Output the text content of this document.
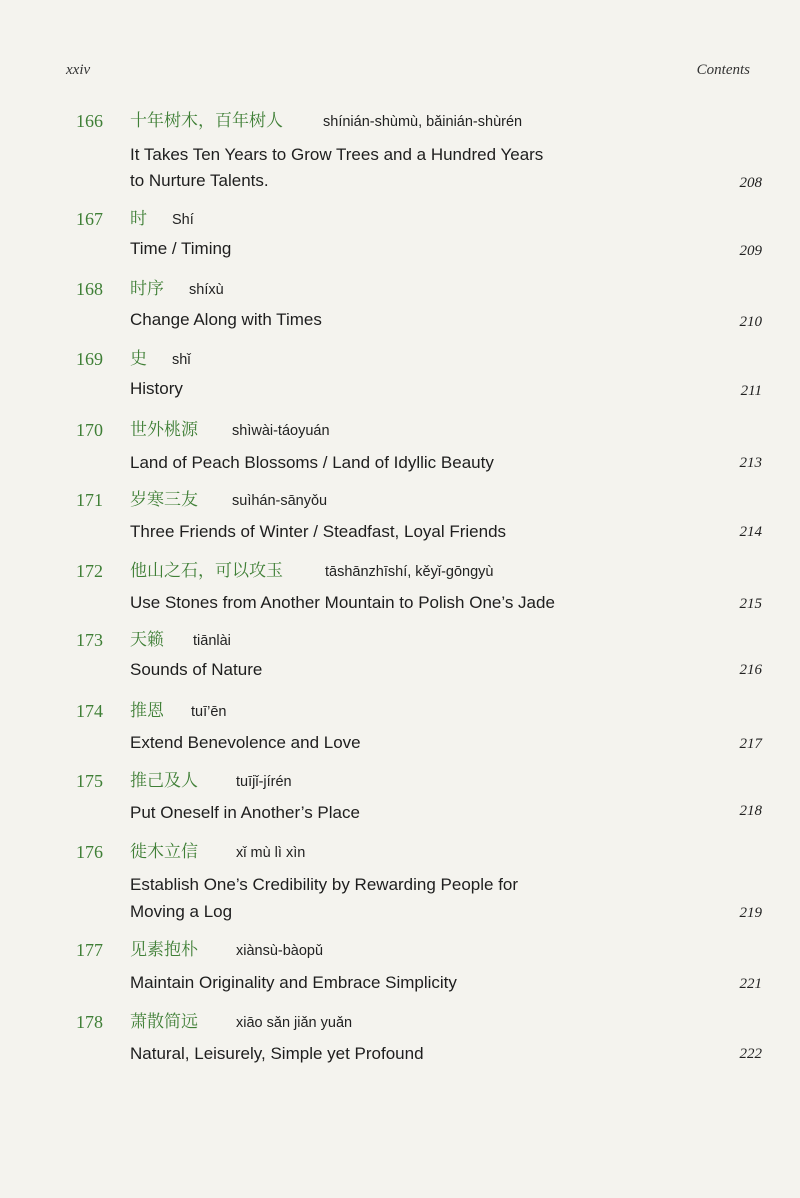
xxiv	Contents
166 十年树木，百年树人	shínián-shùmù, bǎinián-shùrén
It Takes Ten Years to Grow Trees and a Hundred Years
to Nurture Talents.	208
167 时 Shí
Time / Timing	209
168 时序 shíxù
Change Along with Times	210
169 史 shǐ
History	211
170 世外桃源 shìwài-táoyuán
Land of Peach Blossoms / Land of Idyllic Beauty	213
171 岁寒三友 suìhán-sānyǒu
Three Friends of Winter / Steadfast, Loyal Friends	214
172 他山之石，可以攻玉	tāshānzhīshí, kěyǐ-gōngyù
Use Stones from Another Mountain to Polish One’s Jade	215
173 天籁 tiānlài
Sounds of Nature	216
174 推恩 tuī’ēn
Extend Benevolence and Love	217
175 推己及人	tuījǐ-jírén
Put Oneself in Another’s Place	218
176 徙木立信	xǐ mù lì xìn
Establish One’s Credibility by Rewarding People for
Moving a Log	219
177 见素抱朴	xiànsù-bàopǔ
Maintain Originality and Embrace Simplicity	221
178 萧散简远	xiāo sǎn jiǎn yuǎn
Natural, Leisurely, Simple yet Profound	222
